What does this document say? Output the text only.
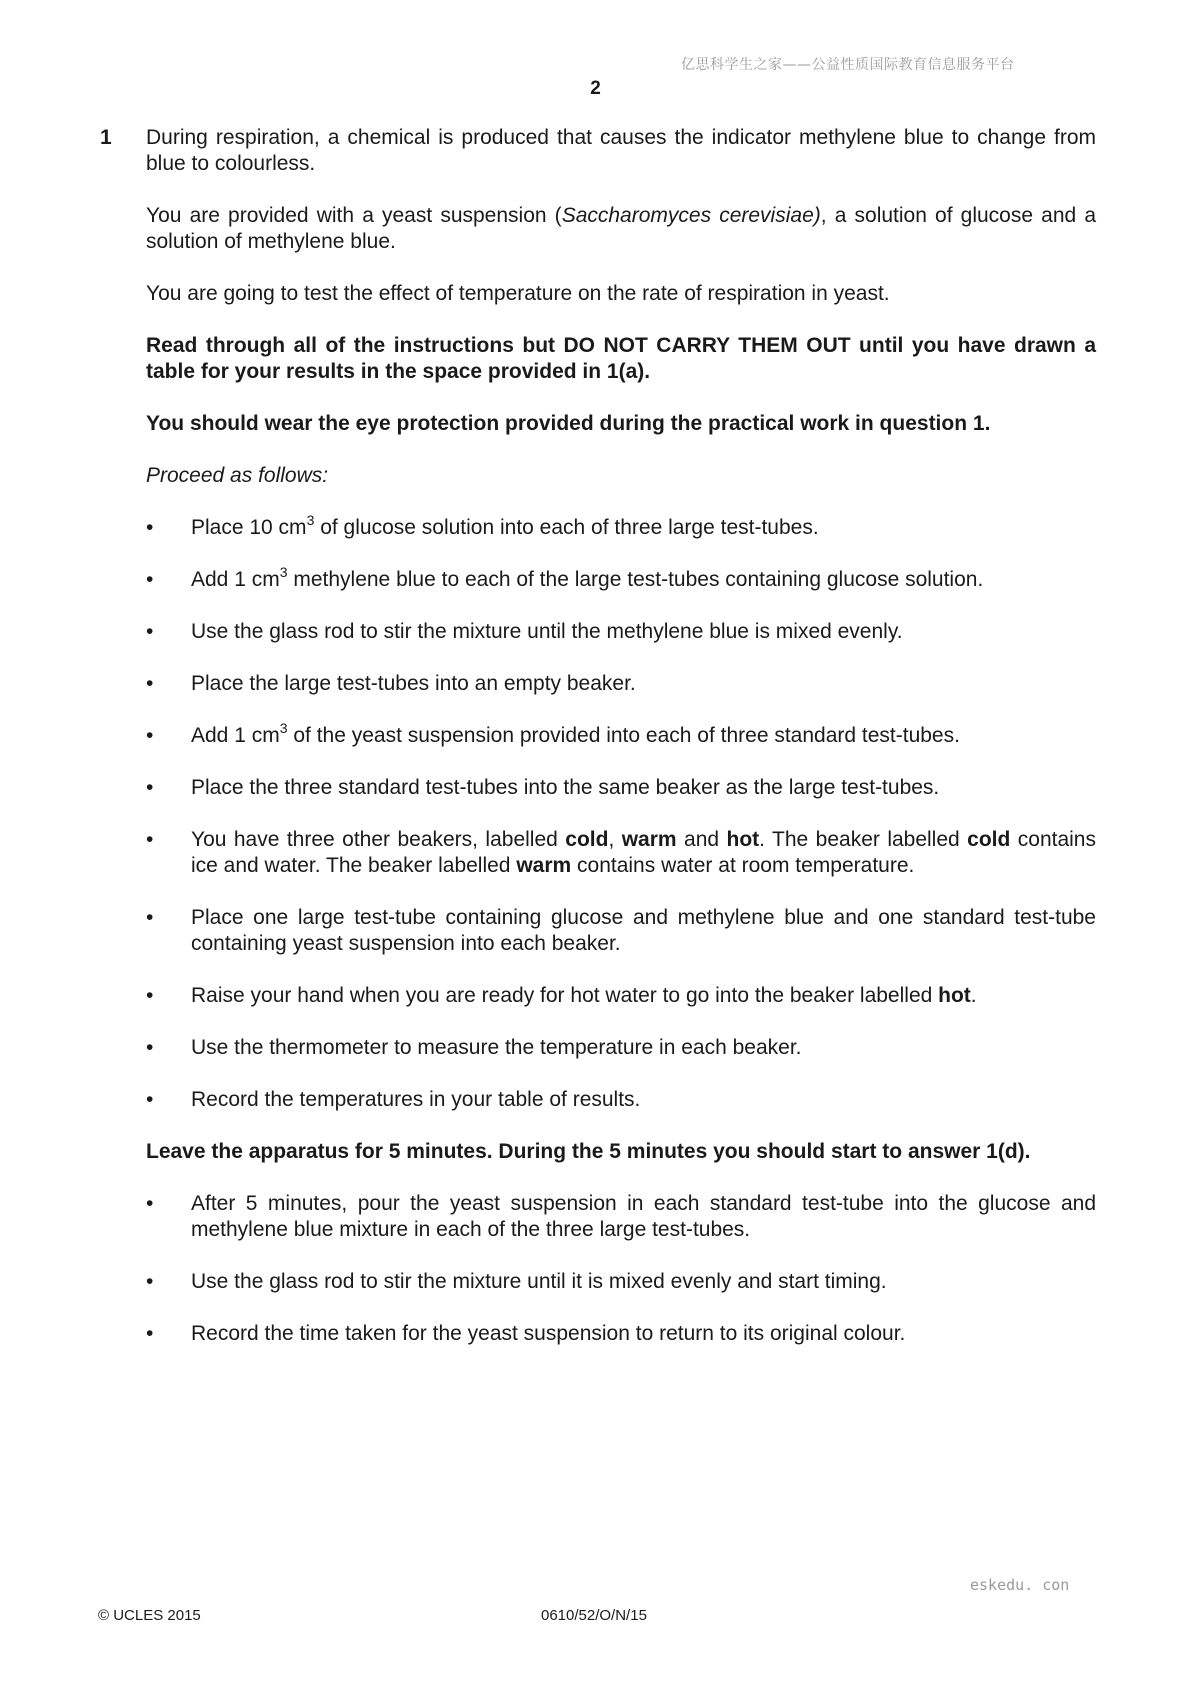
亿思科学生之家——公益性质国际教育信息服务平台
2
1 During respiration, a chemical is produced that causes the indicator methylene blue to change from blue to colourless.

You are provided with a yeast suspension (Saccharomyces cerevisiae), a solution of glucose and a solution of methylene blue.

You are going to test the effect of temperature on the rate of respiration in yeast.

Read through all of the instructions but DO NOT CARRY THEM OUT until you have drawn a table for your results in the space provided in 1(a).

You should wear the eye protection provided during the practical work in question 1.

Proceed as follows:

• Place 10 $cm^3$ of glucose solution into each of three large test-tubes.
• Add 1 $cm^3$ methylene blue to each of the large test-tubes containing glucose solution.
• Use the glass rod to stir the mixture until the methylene blue is mixed evenly.
• Place the large test-tubes into an empty beaker.
• Add 1 $cm^3$ of the yeast suspension provided into each of three standard test-tubes.
• Place the three standard test-tubes into the same beaker as the large test-tubes.
• You have three other beakers, labelled cold, warm and hot. The beaker labelled cold contains ice and water. The beaker labelled warm contains water at room temperature.
• Place one large test-tube containing glucose and methylene blue and one standard test-tube containing yeast suspension into each beaker.
• Raise your hand when you are ready for hot water to go into the beaker labelled hot.
• Use the thermometer to measure the temperature in each beaker.
• Record the temperatures in your table of results.

Leave the apparatus for 5 minutes. During the 5 minutes you should start to answer 1(d).

• After 5 minutes, pour the yeast suspension in each standard test-tube into the glucose and methylene blue mixture in each of the three large test-tubes.
• Use the glass rod to stir the mixture until it is mixed evenly and start timing.
• Record the time taken for the yeast suspension to return to its original colour.
eskedu. con
© UCLES 2015	0610/52/O/N/15
